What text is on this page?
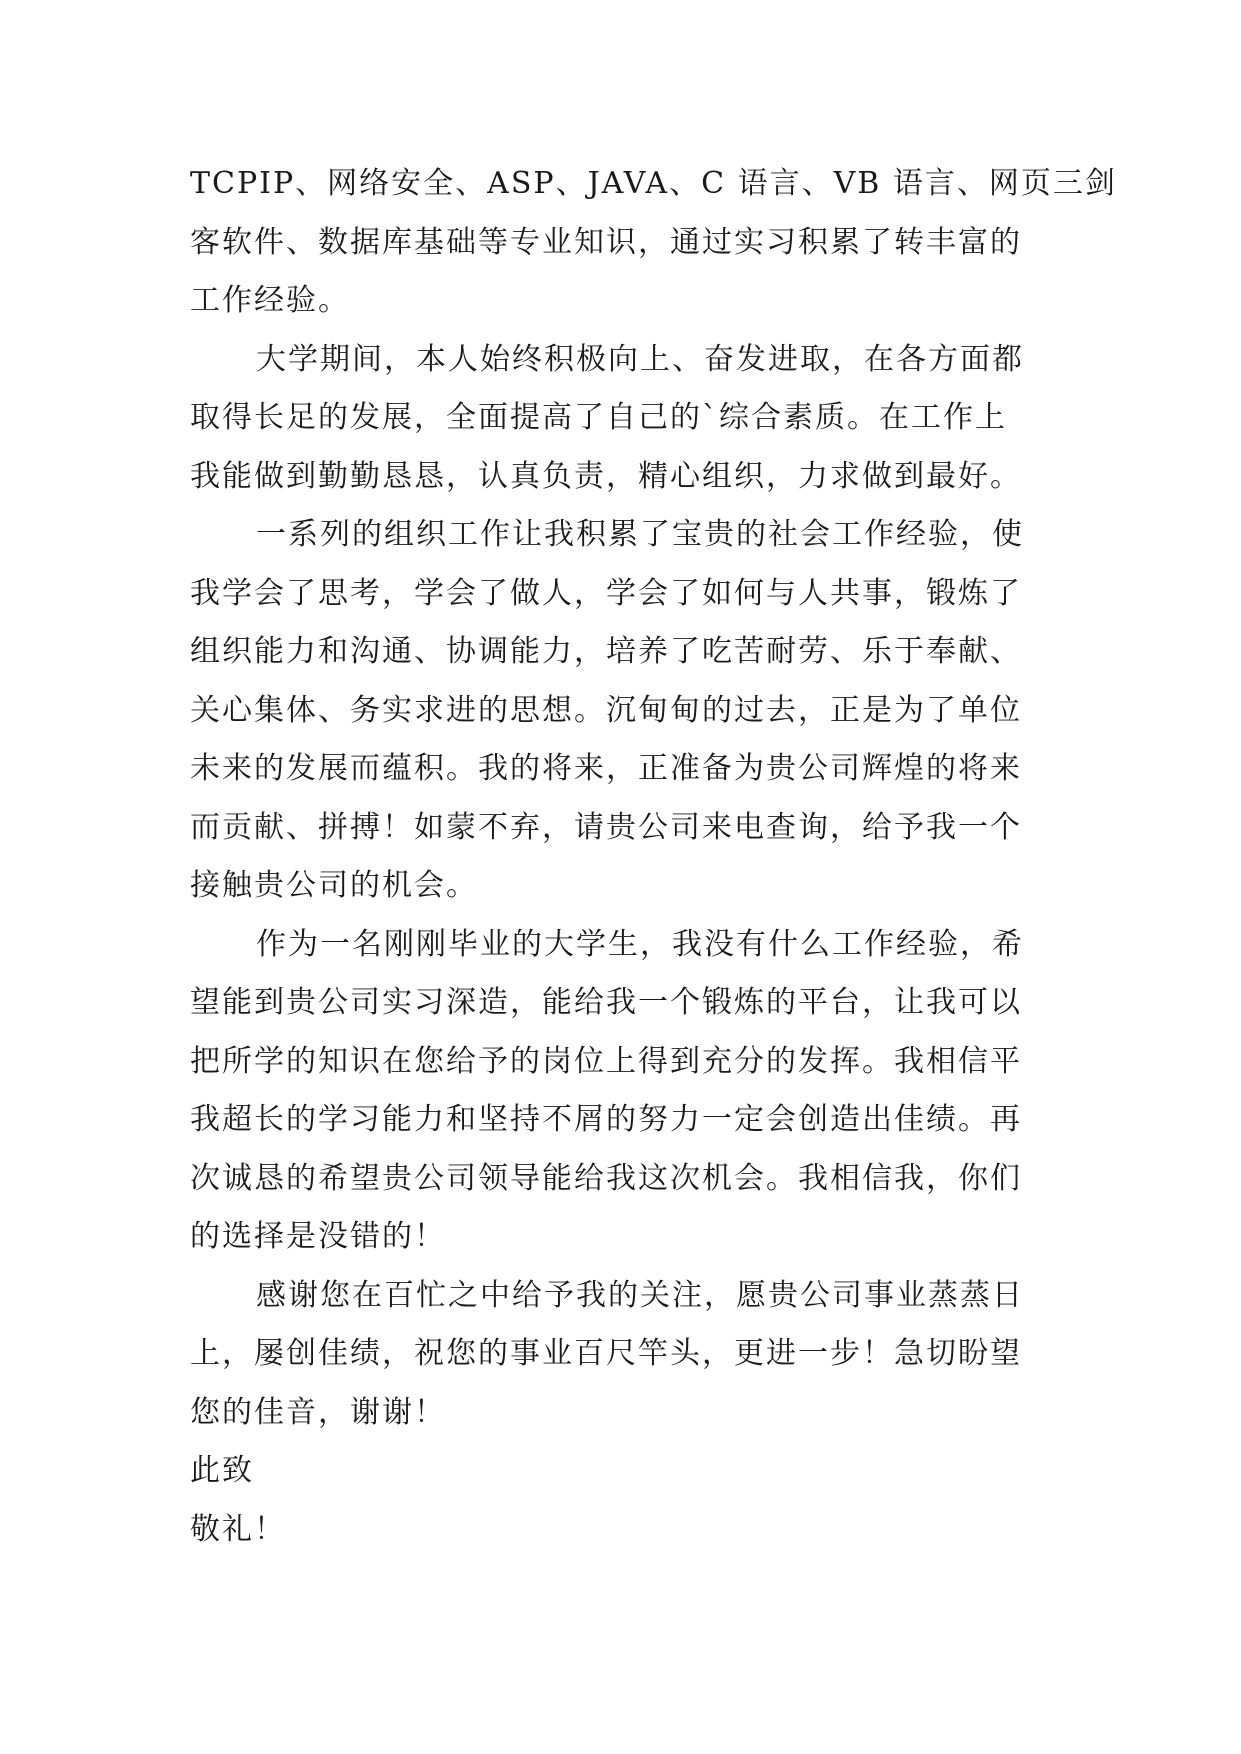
TCPIP、网络安全、ASP、JAVA、C 语言、VB 语言、网页三剑
客软件、数据库基础等专业知识，通过实习积累了转丰富的
工作经验。
大学期间，本人始终积极向上、奋发进取，在各方面都
取得长足的发展，全面提高了自己的`综合素质。在工作上
我能做到勤勤恳恳，认真负责，精心组织，力求做到最好。
一系列的组织工作让我积累了宝贵的社会工作经验，使
我学会了思考，学会了做人，学会了如何与人共事，锻炼了
组织能力和沟通、协调能力，培养了吃苦耐劳、乐于奉献、
关心集体、务实求进的思想。沉甸甸的过去，正是为了单位
未来的发展而蕴积。我的将来，正准备为贵公司辉煌的将来
而贡献、拼搏！如蒙不弃，请贵公司来电查询，给予我一个
接触贵公司的机会。
作为一名刚刚毕业的大学生，我没有什么工作经验，希
望能到贵公司实习深造，能给我一个锻炼的平台，让我可以
把所学的知识在您给予的岗位上得到充分的发挥。我相信平
我超长的学习能力和坚持不屑的努力一定会创造出佳绩。再
次诚恳的希望贵公司领导能给我这次机会。我相信我，你们
的选择是没错的！
感谢您在百忙之中给予我的关注，愿贵公司事业蒸蒸日
上，屡创佳绩，祝您的事业百尺竿头，更进一步！急切盼望
您的佳音，谢谢！
此致
敬礼！
